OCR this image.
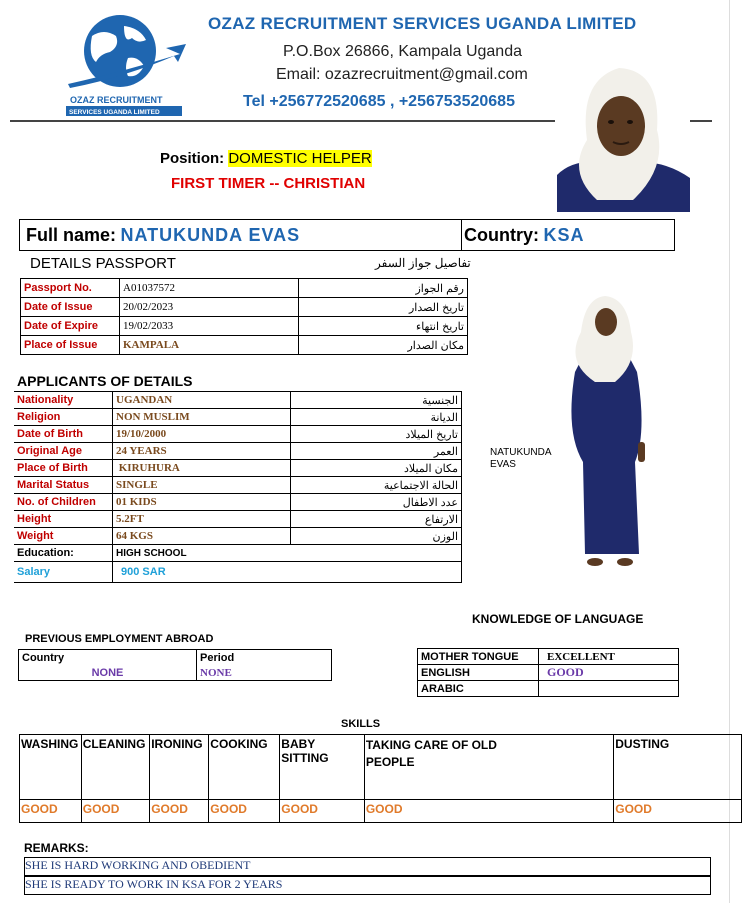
OZAZ RECRUITMENT
SERVICES UGANDA LIMITED
OZAZ RECRUITMENT SERVICES UGANDA LIMITED
P.O.Box 26866, Kampala Uganda
Email: ozazrecruitment@gmail.com
Tel +256772520685 , +256753520685
Position: DOMESTIC HELPER
FIRST TIMER -- CHRISTIAN
Full name: NATUKUNDA EVAS	Country: KSA
DETAILS PASSPORT	تفاصيل جواز السفر
Passport No.	A01037572	رقم الجواز
Date of Issue	20/02/2023	تاريخ الصدار
Date of Expire	19/02/2033	تاريخ انتهاء
Place of Issue	KAMPALA	مكان الصدار
NATUKUNDA
EVAS
APPLICANTS OF DETAILS
Nationality	UGANDAN	الجنسية
Religion	NON MUSLIM	الديانة
Date of Birth	19/10/2000	تاريخ الميلاد
Original Age	24 YEARS	العمر
Place of Birth	KIRUHURA	مكان الميلاد
Marital Status	SINGLE	الحالة الاجتماعية
No. of Children	01 KIDS	عدد الاطفال
Height	5.2FT	الارتفاع
Weight	64 KGS	الوزن
Education:	HIGH SCHOOL	
Salary	900 SAR	
KNOWLEDGE OF LANGUAGE
MOTHER TONGUE	EXCELLENT
ENGLISH	GOOD
ARABIC	
PREVIOUS EMPLOYMENT ABROAD
Country	Period
NONE	NONE
SKILLS
WASHING	CLEANING	IRONING	COOKING	BABY SITTING	TAKING CARE OF OLD PEOPLE	DUSTING
GOOD	GOOD	GOOD	GOOD	GOOD	GOOD	GOOD
REMARKS:
SHE IS HARD WORKING AND OBEDIENT
SHE IS READY TO WORK IN KSA FOR 2 YEARS
